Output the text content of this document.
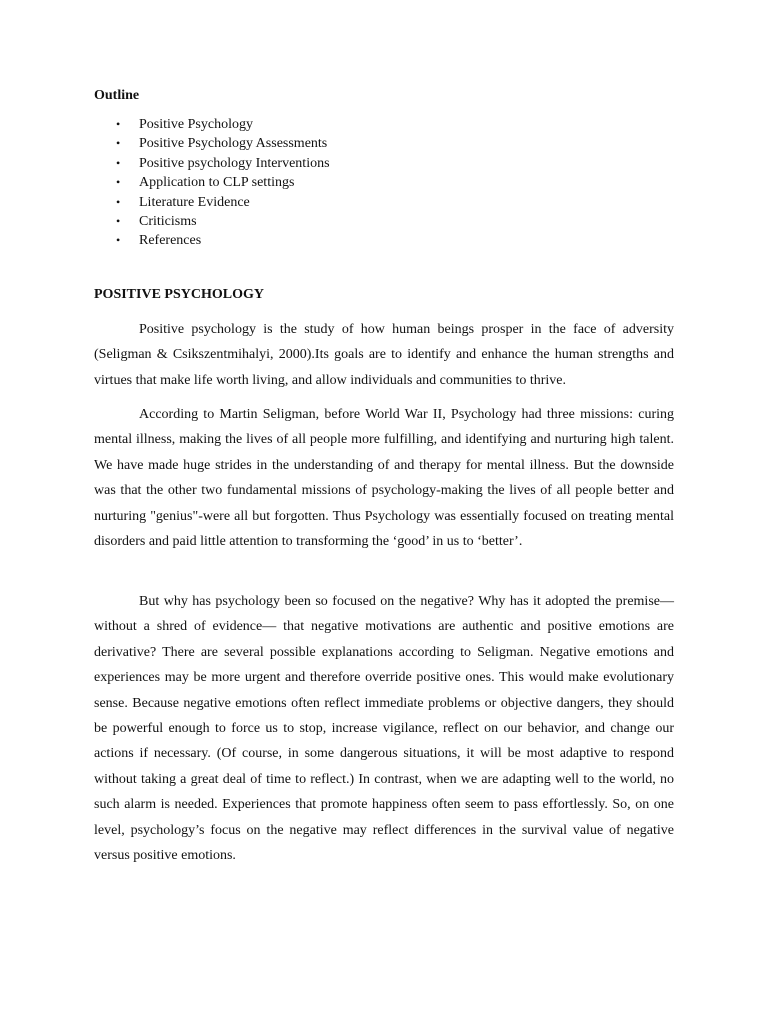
Outline
• Positive Psychology
• Positive Psychology Assessments
• Positive psychology Interventions
• Application to CLP settings
• Literature Evidence
• Criticisms
• References
POSITIVE PSYCHOLOGY

Positive psychology is the study of how human beings prosper in the face of adversity (Seligman & Csikszentmihalyi, 2000).Its goals are to identify and enhance the human strengths and virtues that make life worth living, and allow individuals and communities to thrive.

According to Martin Seligman, before World War II, Psychology had three missions: curing mental illness, making the lives of all people more fulfilling, and identifying and nurturing high talent. We have made huge strides in the understanding of and therapy for mental illness. But the downside was that the other two fundamental missions of psychology-making the lives of all people better and nurturing "genius"-were all but forgotten. Thus Psychology was essentially focused on treating mental disorders and paid little attention to transforming the ‘good’ in us to ‘better’.

But why has psychology been so focused on the negative? Why has it adopted the premise—without a shred of evidence— that negative motivations are authentic and positive emotions are derivative? There are several possible explanations according to Seligman. Negative emotions and experiences may be more urgent and therefore override positive ones. This would make evolutionary sense. Because negative emotions often reflect immediate problems or objective dangers, they should be powerful enough to force us to stop, increase vigilance, reflect on our behavior, and change our actions if necessary. (Of course, in some dangerous situations, it will be most adaptive to respond without taking a great deal of time to reflect.) In contrast, when we are adapting well to the world, no such alarm is needed. Experiences that promote happiness often seem to pass effortlessly. So, on one level, psychology’s focus on the negative may reflect differences in the survival value of negative versus positive emotions.
